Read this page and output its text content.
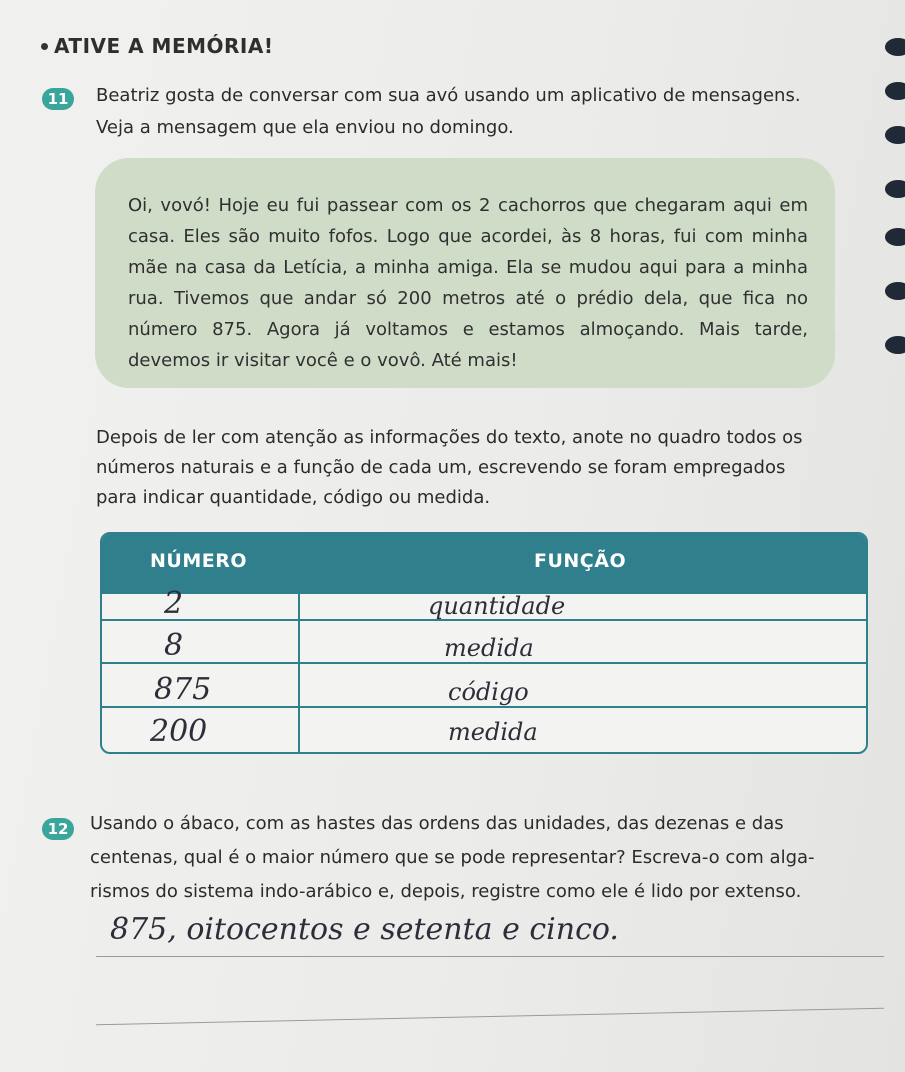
ATIVE A MEMÓRIA!
11	Beatriz gosta de conversar com sua avó usando um aplicativo de mensagens.
Veja a mensagem que ela enviou no domingo.
Oi, vovó! Hoje eu fui passear com os 2 cachorros que chegaram aqui em casa. Eles são muito fofos. Logo que acordei, às 8 horas, fui com minha mãe na casa da Letícia, a minha amiga. Ela se mudou aqui para a minha rua. Tivemos que andar só 200 metros até o prédio dela, que fica no número 875. Agora já voltamos e estamos almoçando. Mais tarde, devemos ir visitar você e o vovô. Até mais!
Depois de ler com atenção as informações do texto, anote no quadro todos os
números naturais e a função de cada um, escrevendo se foram empregados
para indicar quantidade, código ou medida.
NÚMERO	FUNÇÃO
2	quantidade
8	medida
875	código
200	medida
12	Usando o ábaco, com as hastes das ordens das unidades, das dezenas e das
centenas, qual é o maior número que se pode representar? Escreva-o com alga-
rismos do sistema indo-arábico e, depois, registre como ele é lido por extenso.
875, oitocentos e setenta e cinco.
